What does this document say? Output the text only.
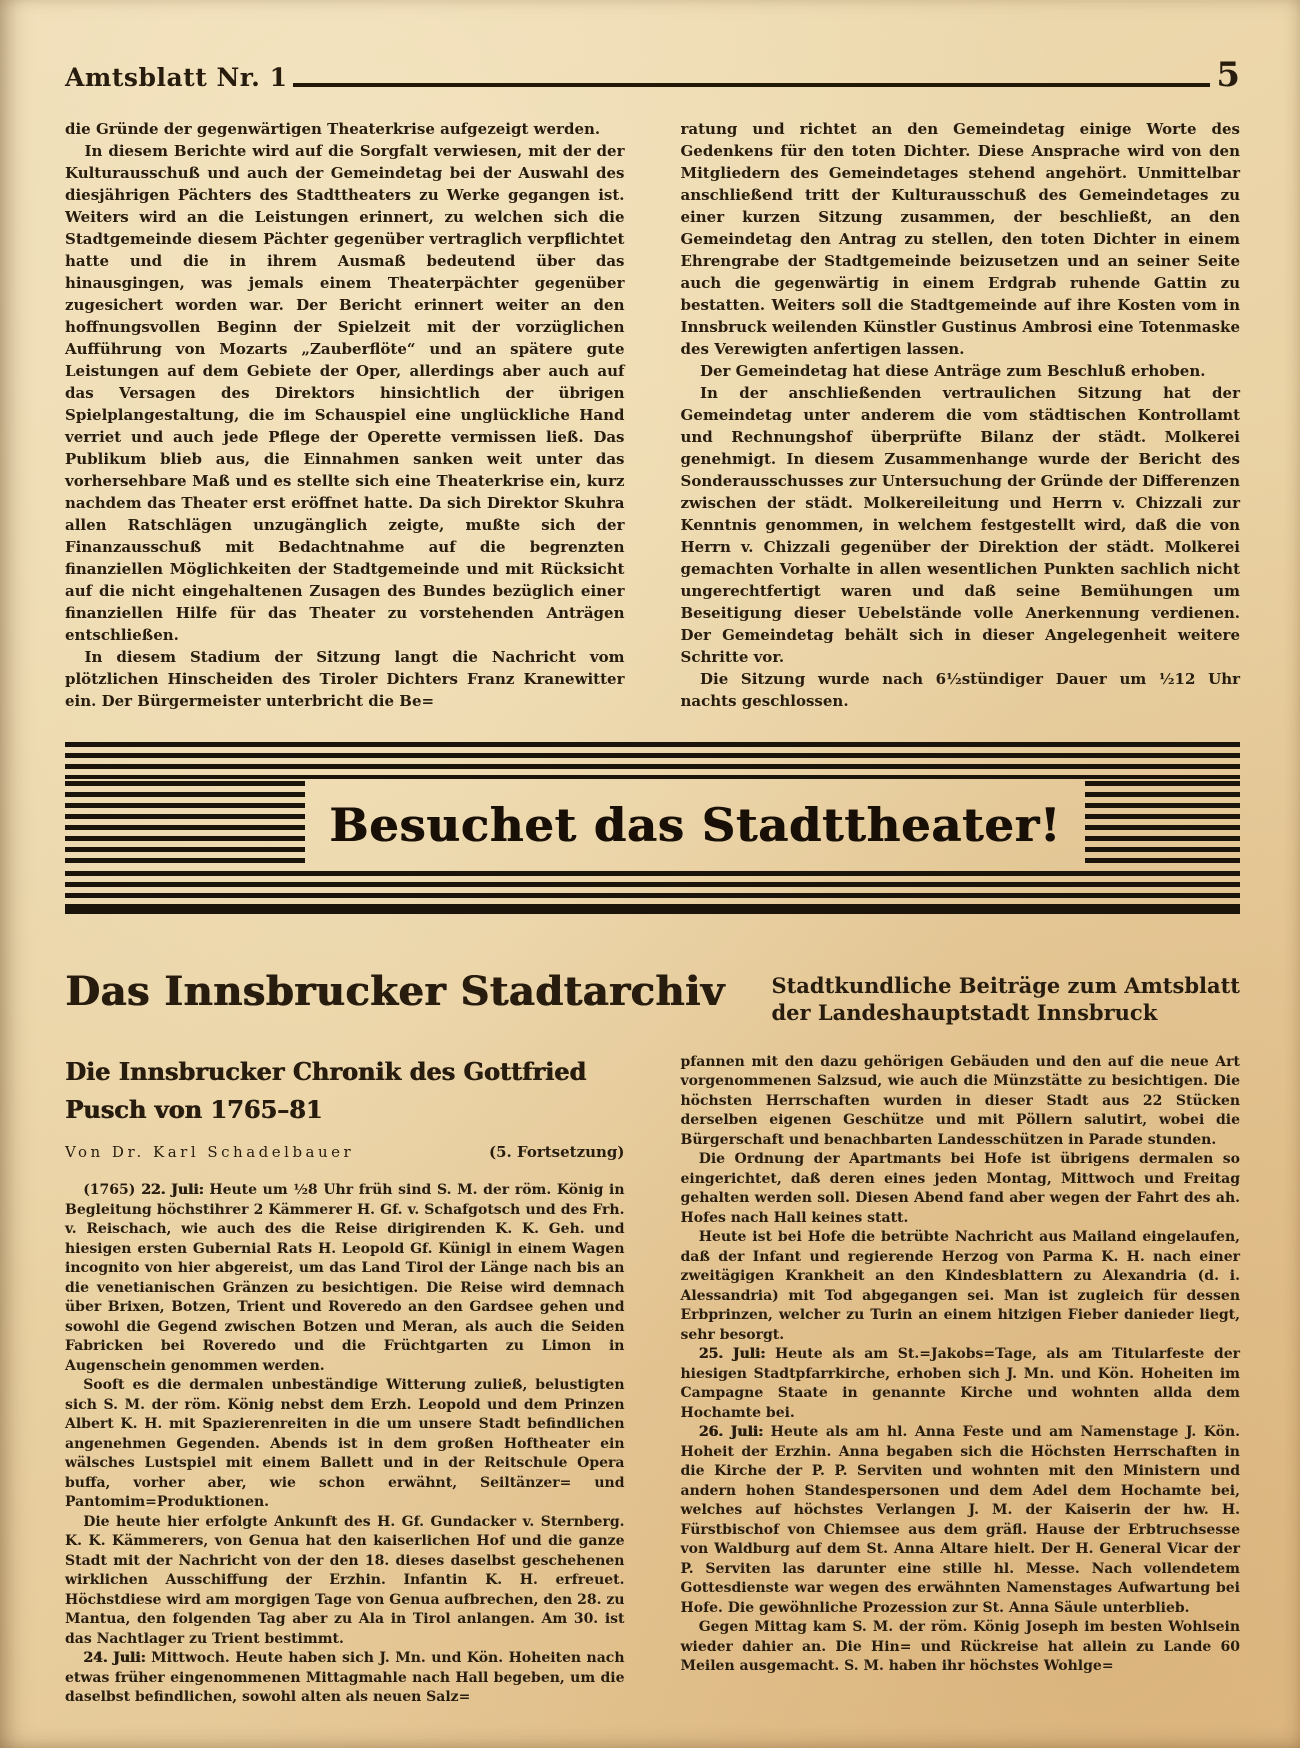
Amtsblatt Nr. 1	5

die Gründe der gegenwärtigen Theaterkrise aufgezeigt werden.

In diesem Berichte wird auf die Sorgfalt verwiesen, mit der der Kulturausschuß und auch der Gemeindetag bei der Auswahl des diesjährigen Pächters des Stadttheaters zu Werke gegangen ist. Weiters wird an die Leistungen erinnert, zu welchen sich die Stadtgemeinde diesem Pächter gegenüber vertraglich verpflichtet hatte und die in ihrem Ausmaß bedeutend über das hinausgingen, was jemals einem Theaterpächter gegenüber zugesichert worden war. Der Bericht erinnert weiter an den hoffnungsvollen Beginn der Spielzeit mit der vorzüglichen Aufführung von Mozarts „Zauberflöte“ und an spätere gute Leistungen auf dem Gebiete der Oper, allerdings aber auch auf das Versagen des Direktors hinsichtlich der übrigen Spielplangestaltung, die im Schauspiel eine unglückliche Hand verriet und auch jede Pflege der Operette vermissen ließ. Das Publikum blieb aus, die Einnahmen sanken weit unter das vorhersehbare Maß und es stellte sich eine Theaterkrise ein, kurz nachdem das Theater erst eröffnet hatte. Da sich Direktor Skuhra allen Ratschlägen unzugänglich zeigte, mußte sich der Finanzausschuß mit Bedachtnahme auf die begrenzten finanziellen Möglichkeiten der Stadtgemeinde und mit Rücksicht auf die nicht eingehaltenen Zusagen des Bundes bezüglich einer finanziellen Hilfe für das Theater zu vorstehenden Anträgen entschließen.

In diesem Stadium der Sitzung langt die Nachricht vom plötzlichen Hinscheiden des Tiroler Dichters Franz Kranewitter ein. Der Bürgermeister unterbricht die Be=

ratung und richtet an den Gemeindetag einige Worte des Gedenkens für den toten Dichter. Diese Ansprache wird von den Mitgliedern des Gemeindetages stehend angehört. Unmittelbar anschließend tritt der Kulturausschuß des Gemeindetages zu einer kurzen Sitzung zusammen, der beschließt, an den Gemeindetag den Antrag zu stellen, den toten Dichter in einem Ehrengrabe der Stadtgemeinde beizusetzen und an seiner Seite auch die gegenwärtig in einem Erdgrab ruhende Gattin zu bestatten. Weiters soll die Stadtgemeinde auf ihre Kosten vom in Innsbruck weilenden Künstler Gustinus Ambrosi eine Totenmaske des Verewigten anfertigen lassen.

Der Gemeindetag hat diese Anträge zum Beschluß erhoben.

In der anschließenden vertraulichen Sitzung hat der Gemeindetag unter anderem die vom städtischen Kontrollamt und Rechnungshof überprüfte Bilanz der städt. Molkerei genehmigt. In diesem Zusammenhange wurde der Bericht des Sonderausschusses zur Untersuchung der Gründe der Differenzen zwischen der städt. Molkereileitung und Herrn v. Chizzali zur Kenntnis genommen, in welchem festgestellt wird, daß die von Herrn v. Chizzali gegenüber der Direktion der städt. Molkerei gemachten Vorhalte in allen wesentlichen Punkten sachlich nicht ungerechtfertigt waren und daß seine Bemühungen um Beseitigung dieser Uebelstände volle Anerkennung verdienen. Der Gemeindetag behält sich in dieser Angelegenheit weitere Schritte vor.

Die Sitzung wurde nach 6½stündiger Dauer um ½12 Uhr nachts geschlossen.

Besuchet das Stadttheater!
Das Innsbrucker Stadtarchiv Stadtkundliche Beiträge zum Amtsblatt
der Landeshauptstadt Innsbruck
Die Innsbrucker Chronik des Gottfried
Pusch von 1765–81
Von Dr. Karl Schadelbauer	(5. Fortsetzung)

(1765) 22. Juli: Heute um ½8 Uhr früh sind S. M. der röm. König in Begleitung höchstihrer 2 Kämmerer H. Gf. v. Schafgotsch und des Frh. v. Reischach, wie auch des die Reise dirigirenden K. K. Geh. und hiesigen ersten Gubernial Rats H. Leopold Gf. Künigl in einem Wagen incognito von hier abgereist, um das Land Tirol der Länge nach bis an die venetianischen Gränzen zu besichtigen. Die Reise wird demnach über Brixen, Botzen, Trient und Roveredo an den Gardsee gehen und sowohl die Gegend zwischen Botzen und Meran, als auch die Seiden Fabricken bei Roveredo und die Früchtgarten zu Limon in Augenschein genommen werden.

Sooft es die dermalen unbeständige Witterung zuließ, belustigten sich S. M. der röm. König nebst dem Erzh. Leopold und dem Prinzen Albert K. H. mit Spazierenreiten in die um unsere Stadt befindlichen angenehmen Gegenden. Abends ist in dem großen Hoftheater ein wälsches Lustspiel mit einem Ballett und in der Reitschule Opera buffa, vorher aber, wie schon erwähnt, Seiltänzer= und Pantomim=Produktionen.

Die heute hier erfolgte Ankunft des H. Gf. Gundacker v. Sternberg. K. K. Kämmerers, von Genua hat den kaiserlichen Hof und die ganze Stadt mit der Nachricht von der den 18. dieses daselbst geschehenen wirklichen Ausschiffung der Erzhin. Infantin K. H. erfreuet. Höchstdiese wird am morgigen Tage von Genua aufbrechen, den 28. zu Mantua, den folgenden Tag aber zu Ala in Tirol anlangen. Am 30. ist das Nachtlager zu Trient bestimmt.

24. Juli: Mittwoch. Heute haben sich J. Mn. und Kön. Hoheiten nach etwas früher eingenommenen Mittagmahle nach Hall begeben, um die daselbst befindlichen, sowohl alten als neuen Salz=

pfannen mit den dazu gehörigen Gebäuden und den auf die neue Art vorgenommenen Salzsud, wie auch die Münzstätte zu besichtigen. Die höchsten Herrschaften wurden in dieser Stadt aus 22 Stücken derselben eigenen Geschütze und mit Pöllern salutirt, wobei die Bürgerschaft und benachbarten Landesschützen in Parade stunden.

Die Ordnung der Apartmants bei Hofe ist übrigens dermalen so eingerichtet, daß deren eines jeden Montag, Mittwoch und Freitag gehalten werden soll. Diesen Abend fand aber wegen der Fahrt des ah. Hofes nach Hall keines statt.

Heute ist bei Hofe die betrübte Nachricht aus Mailand eingelaufen, daß der Infant und regierende Herzog von Parma K. H. nach einer zweitägigen Krankheit an den Kindesblattern zu Alexandria (d. i. Alessandria) mit Tod abgegangen sei. Man ist zugleich für dessen Erbprinzen, welcher zu Turin an einem hitzigen Fieber danieder liegt, sehr besorgt.

25. Juli: Heute als am St.=Jakobs=Tage, als am Titularfeste der hiesigen Stadtpfarrkirche, erhoben sich J. Mn. und Kön. Hoheiten im Campagne Staate in genannte Kirche und wohnten allda dem Hochamte bei.

26. Juli: Heute als am hl. Anna Feste und am Namenstage J. Kön. Hoheit der Erzhin. Anna begaben sich die Höchsten Herrschaften in die Kirche der P. P. Serviten und wohnten mit den Ministern und andern hohen Standespersonen und dem Adel dem Hochamte bei, welches auf höchstes Verlangen J. M. der Kaiserin der hw. H. Fürstbischof von Chiemsee aus dem gräfl. Hause der Erbtruchsesse von Waldburg auf dem St. Anna Altare hielt. Der H. General Vicar der P. Serviten las darunter eine stille hl. Messe. Nach vollendetem Gottesdienste war wegen des erwähnten Namenstages Aufwartung bei Hofe. Die gewöhnliche Prozession zur St. Anna Säule unterblieb.

Gegen Mittag kam S. M. der röm. König Joseph im besten Wohlsein wieder dahier an. Die Hin= und Rückreise hat allein zu Lande 60 Meilen ausgemacht. S. M. haben ihr höchstes Wohlge=
